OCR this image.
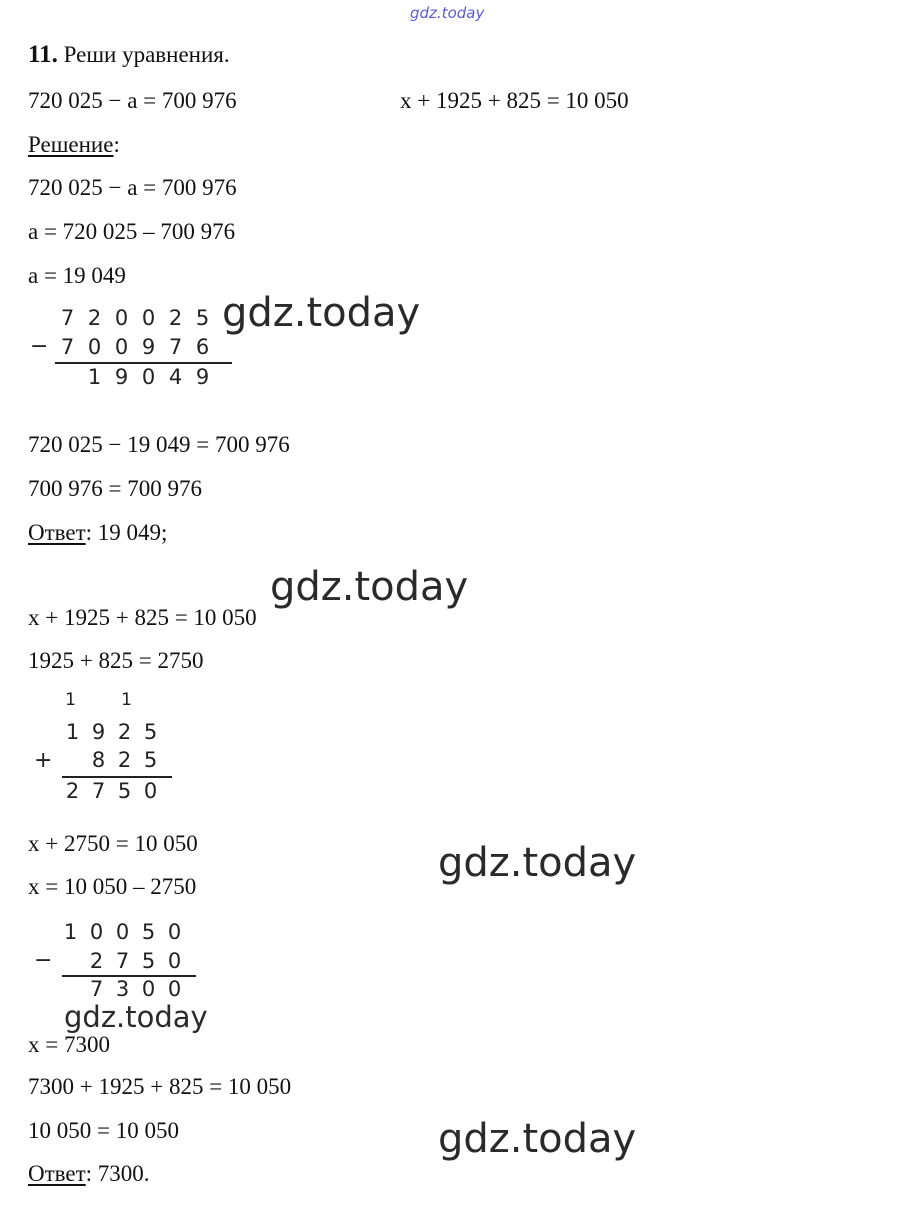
gdz.today
11. Реши уравнения.
720 025 − а = 700 976	х + 1925 + 825 = 10 050
Решение:
720 025 − а = 700 976
а = 720 025 – 700 976
а = 19 049
−
7 2 0 0 2 5
7 0 0 9 7 6
1 9 0 4 9
gdz.today
720 025 − 19 049 = 700 976
700 976 = 700 976
Ответ: 19 049;
gdz.today
х + 1925 + 825 = 10 050
1925 + 825 = 2750
1	1
1 9 2 5
+ 8 2 5
2 7 5 0
х + 2750 = 10 050
х = 10 050 – 2750
gdz.today
1 0 0 5 0
− 2 7 5 0
7 3 0 0
gdz.today
х = 7300
7300 + 1925 + 825 = 10 050
10 050 = 10 050	gdz.today
Ответ: 7300.
